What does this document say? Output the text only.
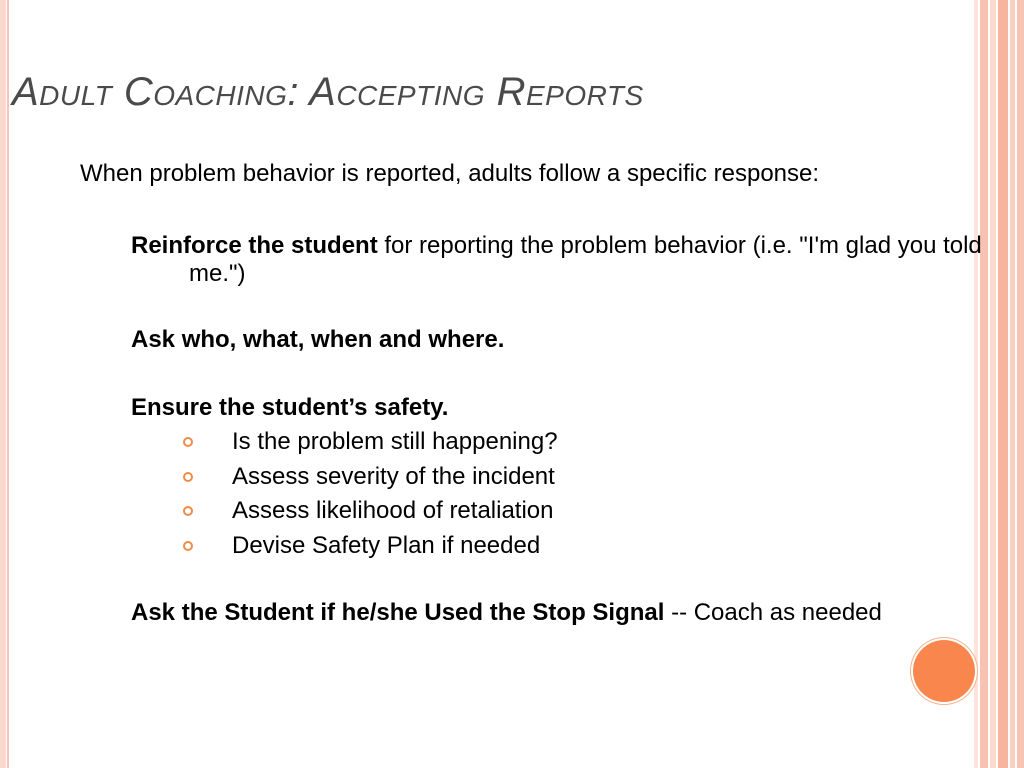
Adult Coaching: Accepting Reports

When problem behavior is reported, adults follow a specific response:

Reinforce the student for reporting the problem behavior (i.e. "I'm glad you told me.")

Ask who, what, when and where.

Ensure the student’s safety.

Is the problem still happening?
Assess severity of the incident
Assess likelihood of retaliation
Devise Safety Plan if needed

Ask the Student if he/she Used the Stop Signal -- Coach as needed
